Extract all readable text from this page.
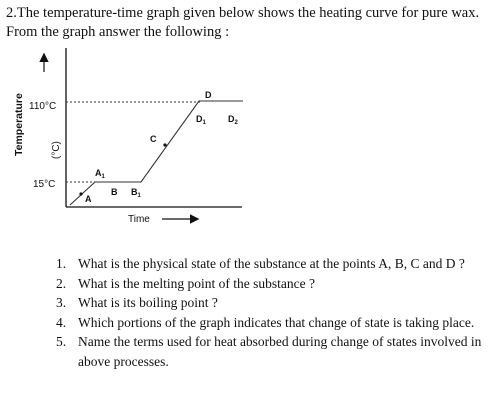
2.The temperature-time graph given below shows the heating curve for pure wax. From the graph answer the following :

Temperature	(°C)
110°C
15°C
A
$A_1$
B $B_1$
C
D
$D_1$ $D_2$
Time
1. What is the physical state of the substance at the points A, B, C and D ?
2. What is the melting point of the substance ?
3. What is its boiling point ?
4. Which portions of the graph indicates that change of state is taking place.
5. Name the terms used for heat absorbed during change of states involved in above processes.
